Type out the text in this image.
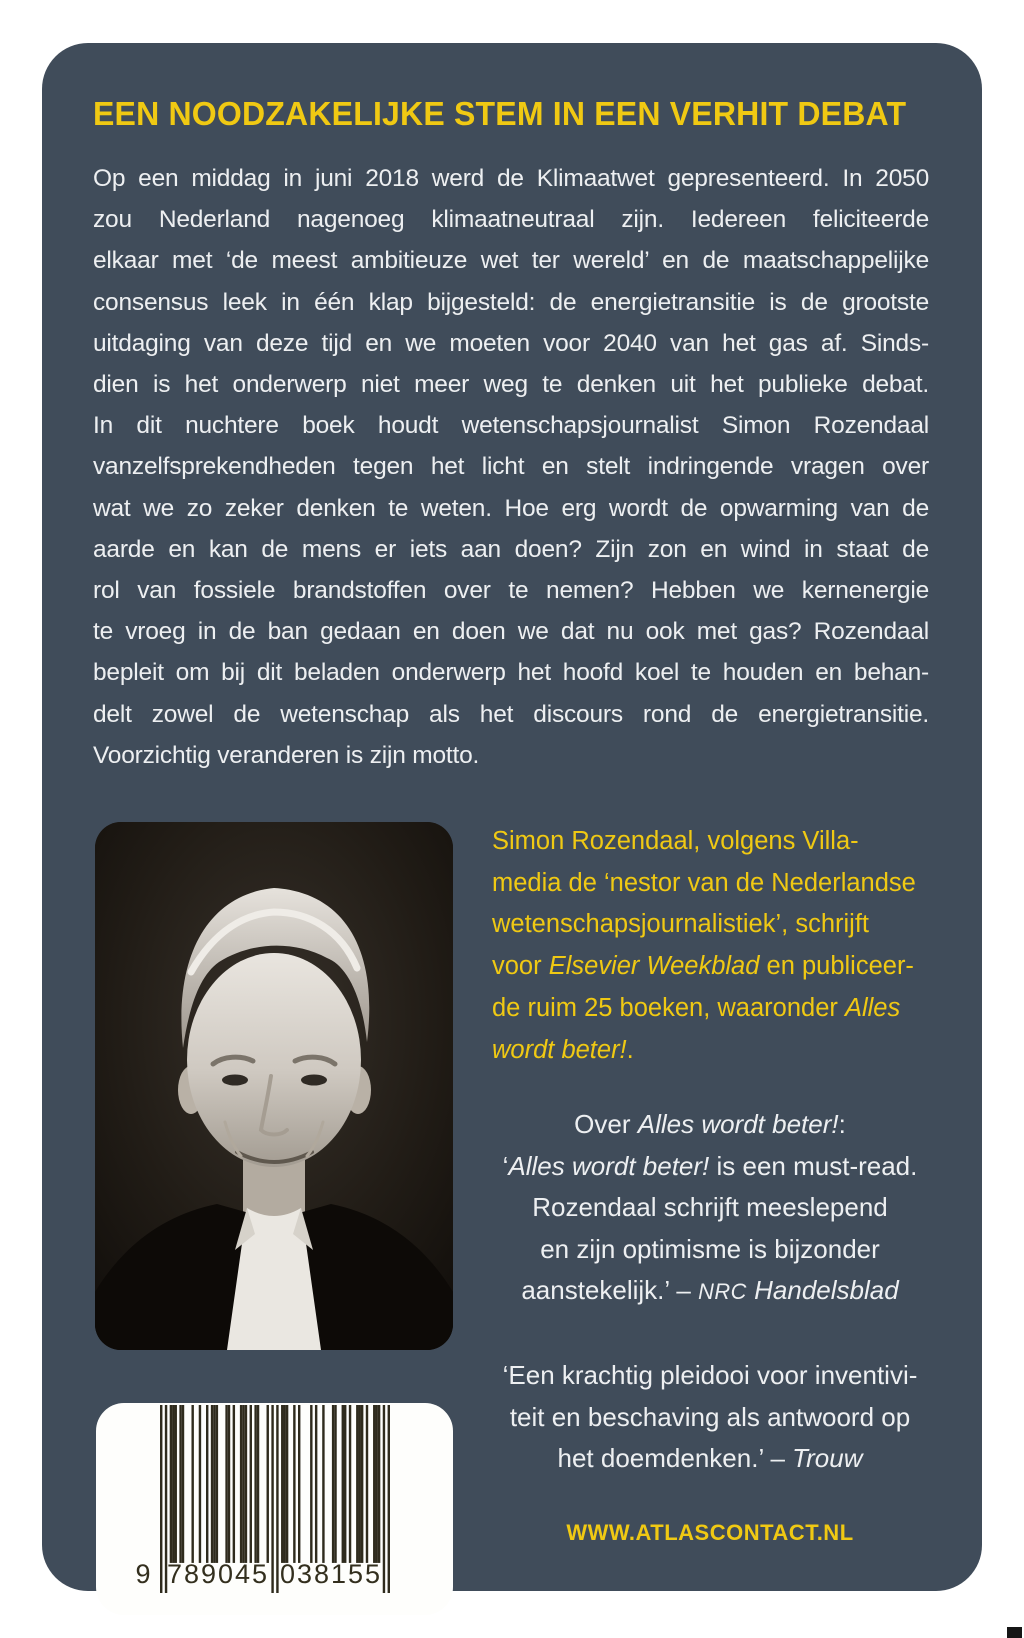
EEN NOODZAKELIJKE STEM IN EEN VERHIT DEBAT
Op een middag in juni 2018 werd de Klimaatwet gepresenteerd. In 2050
zou Nederland nagenoeg klimaatneutraal zijn. Iedereen feliciteerde
elkaar met ‘de meest ambitieuze wet ter wereld’ en de maatschappelijke
consensus leek in één klap bijgesteld: de energietransitie is de grootste
uitdaging van deze tijd en we moeten voor 2040 van het gas af. Sinds-
dien is het onderwerp niet meer weg te denken uit het publieke debat.
In dit nuchtere boek houdt wetenschapsjournalist Simon Rozendaal
vanzelfsprekendheden tegen het licht en stelt indringende vragen over
wat we zo zeker denken te weten. Hoe erg wordt de opwarming van de
aarde en kan de mens er iets aan doen? Zijn zon en wind in staat de
rol van fossiele brandstoffen over te nemen? Hebben we kernenergie
te vroeg in de ban gedaan en doen we dat nu ook met gas? Rozendaal
bepleit om bij dit beladen onderwerp het hoofd koel te houden en behan-
delt zowel de wetenschap als het discours rond de energietransitie.
Voorzichtig veranderen is zijn motto.
Simon Rozendaal, volgens Villa-
media de ‘nestor van de Nederlandse
wetenschapsjournalistiek’, schrijft
voor Elsevier Weekblad en publiceer-
de ruim 25 boeken, waaronder Alles
wordt beter!.
Over Alles wordt beter!:
‘Alles wordt beter! is een must-read.
Rozendaal schrijft meeslepend
en zijn optimisme is bijzonder
aanstekelijk.’ – NRC Handelsblad
‘Een krachtig pleidooi voor inventivi-
teit en beschaving als antwoord op
het doemdenken.’ – Trouw
WWW.ATLASCONTACT.NL
9 789045 038155
